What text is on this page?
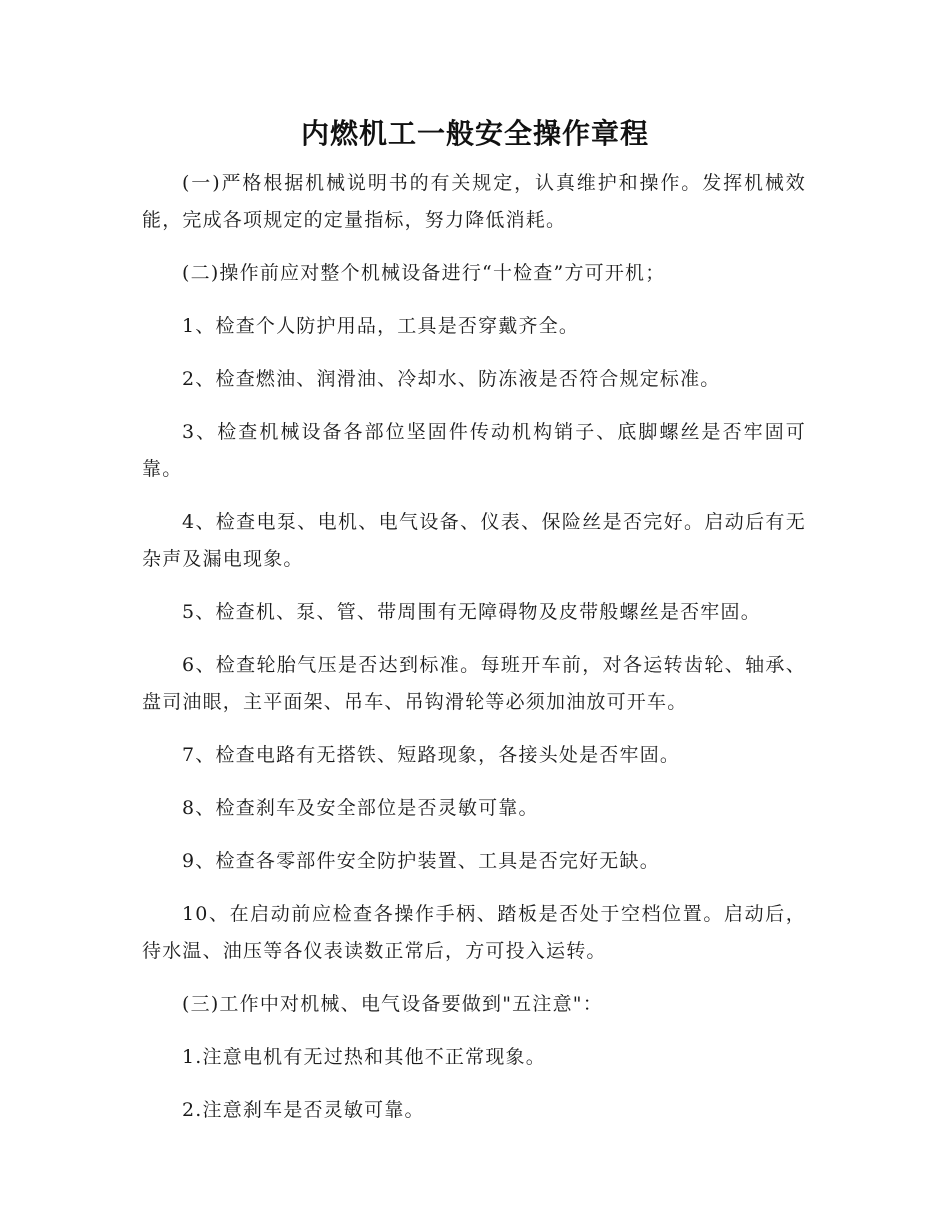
内燃机工一般安全操作章程

(一)严格根据机械说明书的有关规定，认真维护和操作。发挥机械效能，完成各项规定的定量指标，努力降低消耗。

(二)操作前应对整个机械设备进行“十检查”方可开机；

1、检查个人防护用品，工具是否穿戴齐全。

2、检查燃油、润滑油、冷却水、防冻液是否符合规定标准。

3、检查机械设备各部位坚固件传动机构销子、底脚螺丝是否牢固可靠。

4、检查电泵、电机、电气设备、仪表、保险丝是否完好。启动后有无杂声及漏电现象。

5、检查机、泵、管、带周围有无障碍物及皮带般螺丝是否牢固。

6、检查轮胎气压是否达到标准。每班开车前，对各运转齿轮、轴承、盘司油眼，主平面架、吊车、吊钩滑轮等必须加油放可开车。

7、检查电路有无搭铁、短路现象，各接头处是否牢固。

8、检查刹车及安全部位是否灵敏可靠。

9、检查各零部件安全防护装置、工具是否完好无缺。

10、在启动前应检查各操作手柄、踏板是否处于空档位置。启动后， 待水温、油压等各仪表读数正常后，方可投入运转。

(三)工作中对机械、电气设备要做到"五注意"：

1.注意电机有无过热和其他不正常现象。

2.注意刹车是否灵敏可靠。
